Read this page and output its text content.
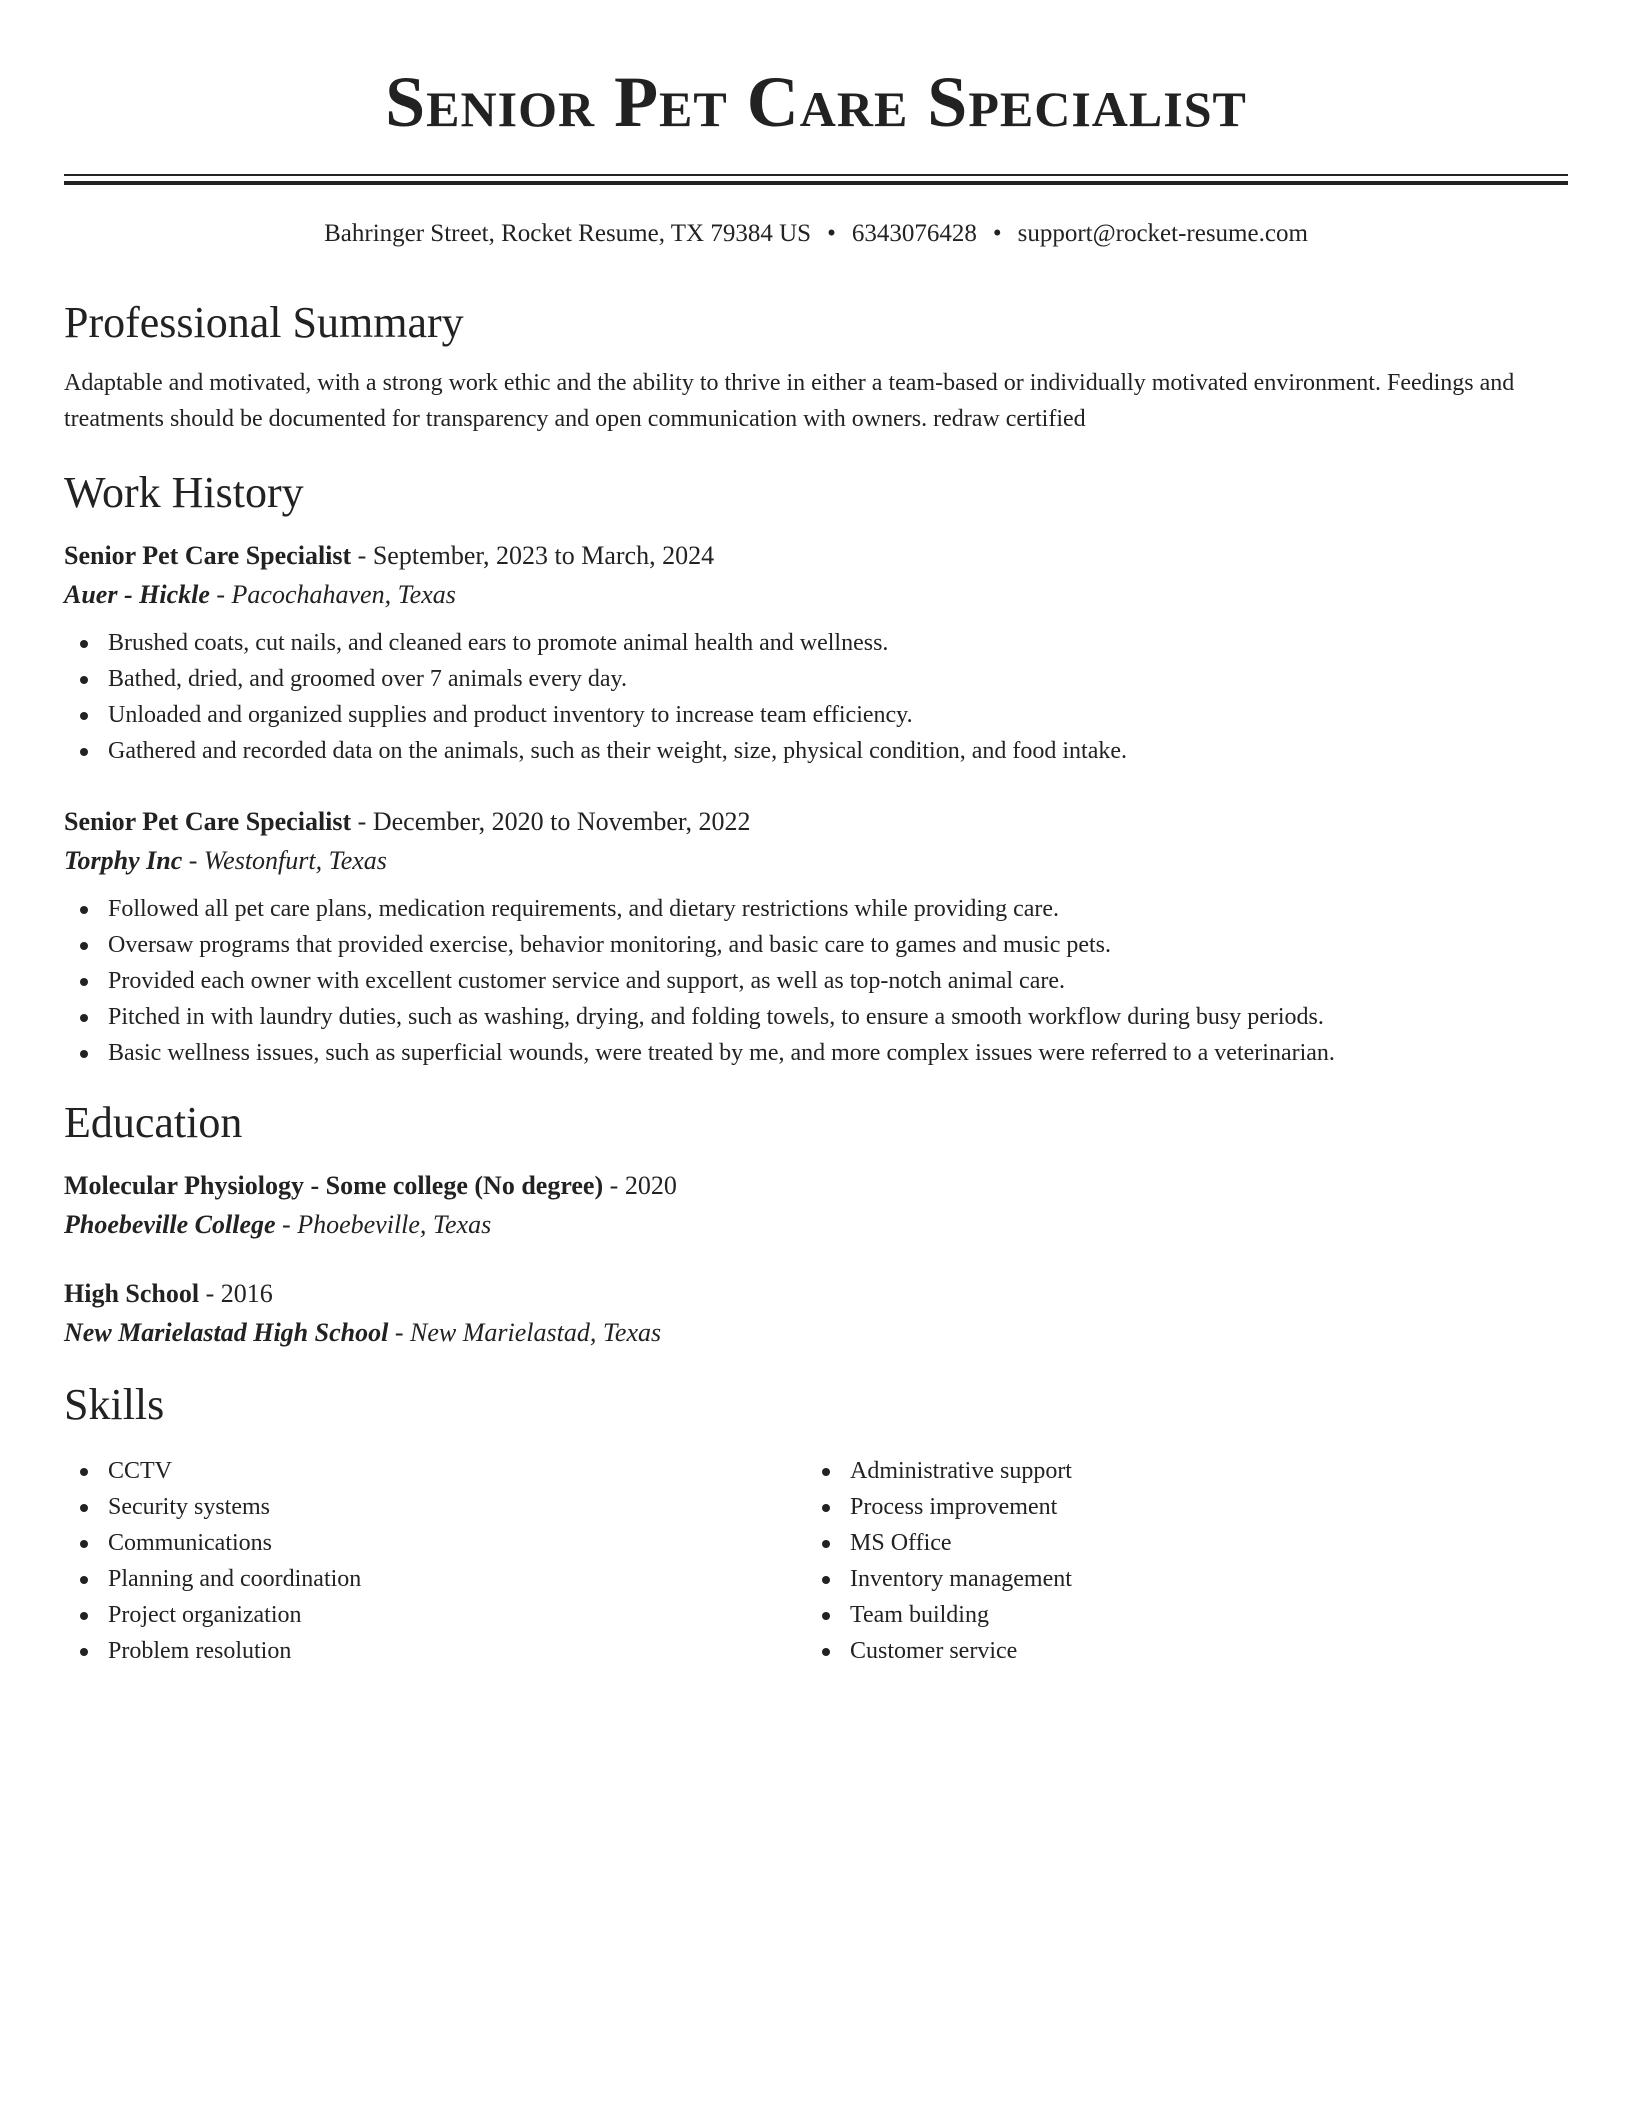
Senior Pet Care Specialist
Bahringer Street, Rocket Resume, TX 79384 US • 6343076428 • support@rocket-resume.com
Professional Summary
Adaptable and motivated, with a strong work ethic and the ability to thrive in either a team-based or individually motivated environment. Feedings and treatments should be documented for transparency and open communication with owners. redraw certified
Work History
Senior Pet Care Specialist - September, 2023 to March, 2024
Auer - Hickle - Pacochahaven, Texas
Brushed coats, cut nails, and cleaned ears to promote animal health and wellness.
Bathed, dried, and groomed over 7 animals every day.
Unloaded and organized supplies and product inventory to increase team efficiency.
Gathered and recorded data on the animals, such as their weight, size, physical condition, and food intake.
Senior Pet Care Specialist - December, 2020 to November, 2022
Torphy Inc - Westonfurt, Texas
Followed all pet care plans, medication requirements, and dietary restrictions while providing care.
Oversaw programs that provided exercise, behavior monitoring, and basic care to games and music pets.
Provided each owner with excellent customer service and support, as well as top-notch animal care.
Pitched in with laundry duties, such as washing, drying, and folding towels, to ensure a smooth workflow during busy periods.
Basic wellness issues, such as superficial wounds, were treated by me, and more complex issues were referred to a veterinarian.
Education
Molecular Physiology - Some college (No degree) - 2020
Phoebeville College - Phoebeville, Texas
High School - 2016
New Marielastad High School - New Marielastad, Texas
Skills
CCTV
Security systems
Communications
Planning and coordination
Project organization
Problem resolution
Administrative support
Process improvement
MS Office
Inventory management
Team building
Customer service
